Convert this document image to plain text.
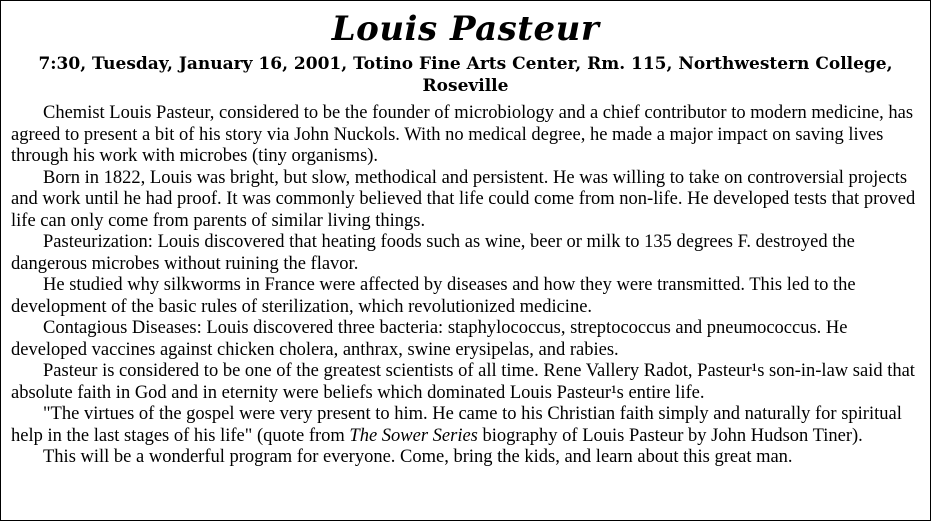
Louis Pasteur
7:30, Tuesday, January 16, 2001, Totino Fine Arts Center, Rm. 115, Northwestern College, Roseville

Chemist Louis Pasteur, considered to be the founder of microbiology and a chief contributor to modern medicine, has agreed to present a bit of his story via John Nuckols. With no medical degree, he made a major impact on saving lives through his work with microbes (tiny organisms).

Born in 1822, Louis was bright, but slow, methodical and persistent. He was willing to take on controversial projects and work until he had proof. It was commonly believed that life could come from non-life. He developed tests that proved life can only come from parents of similar living things.

Pasteurization: Louis discovered that heating foods such as wine, beer or milk to 135 degrees F. destroyed the dangerous microbes without ruining the flavor.

He studied why silkworms in France were affected by diseases and how they were transmitted. This led to the development of the basic rules of sterilization, which revolutionized medicine.

Contagious Diseases: Louis discovered three bacteria: staphylococcus, streptococcus and pneumococcus. He developed vaccines against chicken cholera, anthrax, swine erysipelas, and rabies.

Pasteur is considered to be one of the greatest scientists of all time. Rene Vallery Radot, Pasteur¹s son-in-law said that absolute faith in God and in eternity were beliefs which dominated Louis Pasteur¹s entire life.

"The virtues of the gospel were very present to him. He came to his Christian faith simply and naturally for spiritual help in the last stages of his life" (quote from The Sower Series biography of Louis Pasteur by John Hudson Tiner).

This will be a wonderful program for everyone. Come, bring the kids, and learn about this great man.
